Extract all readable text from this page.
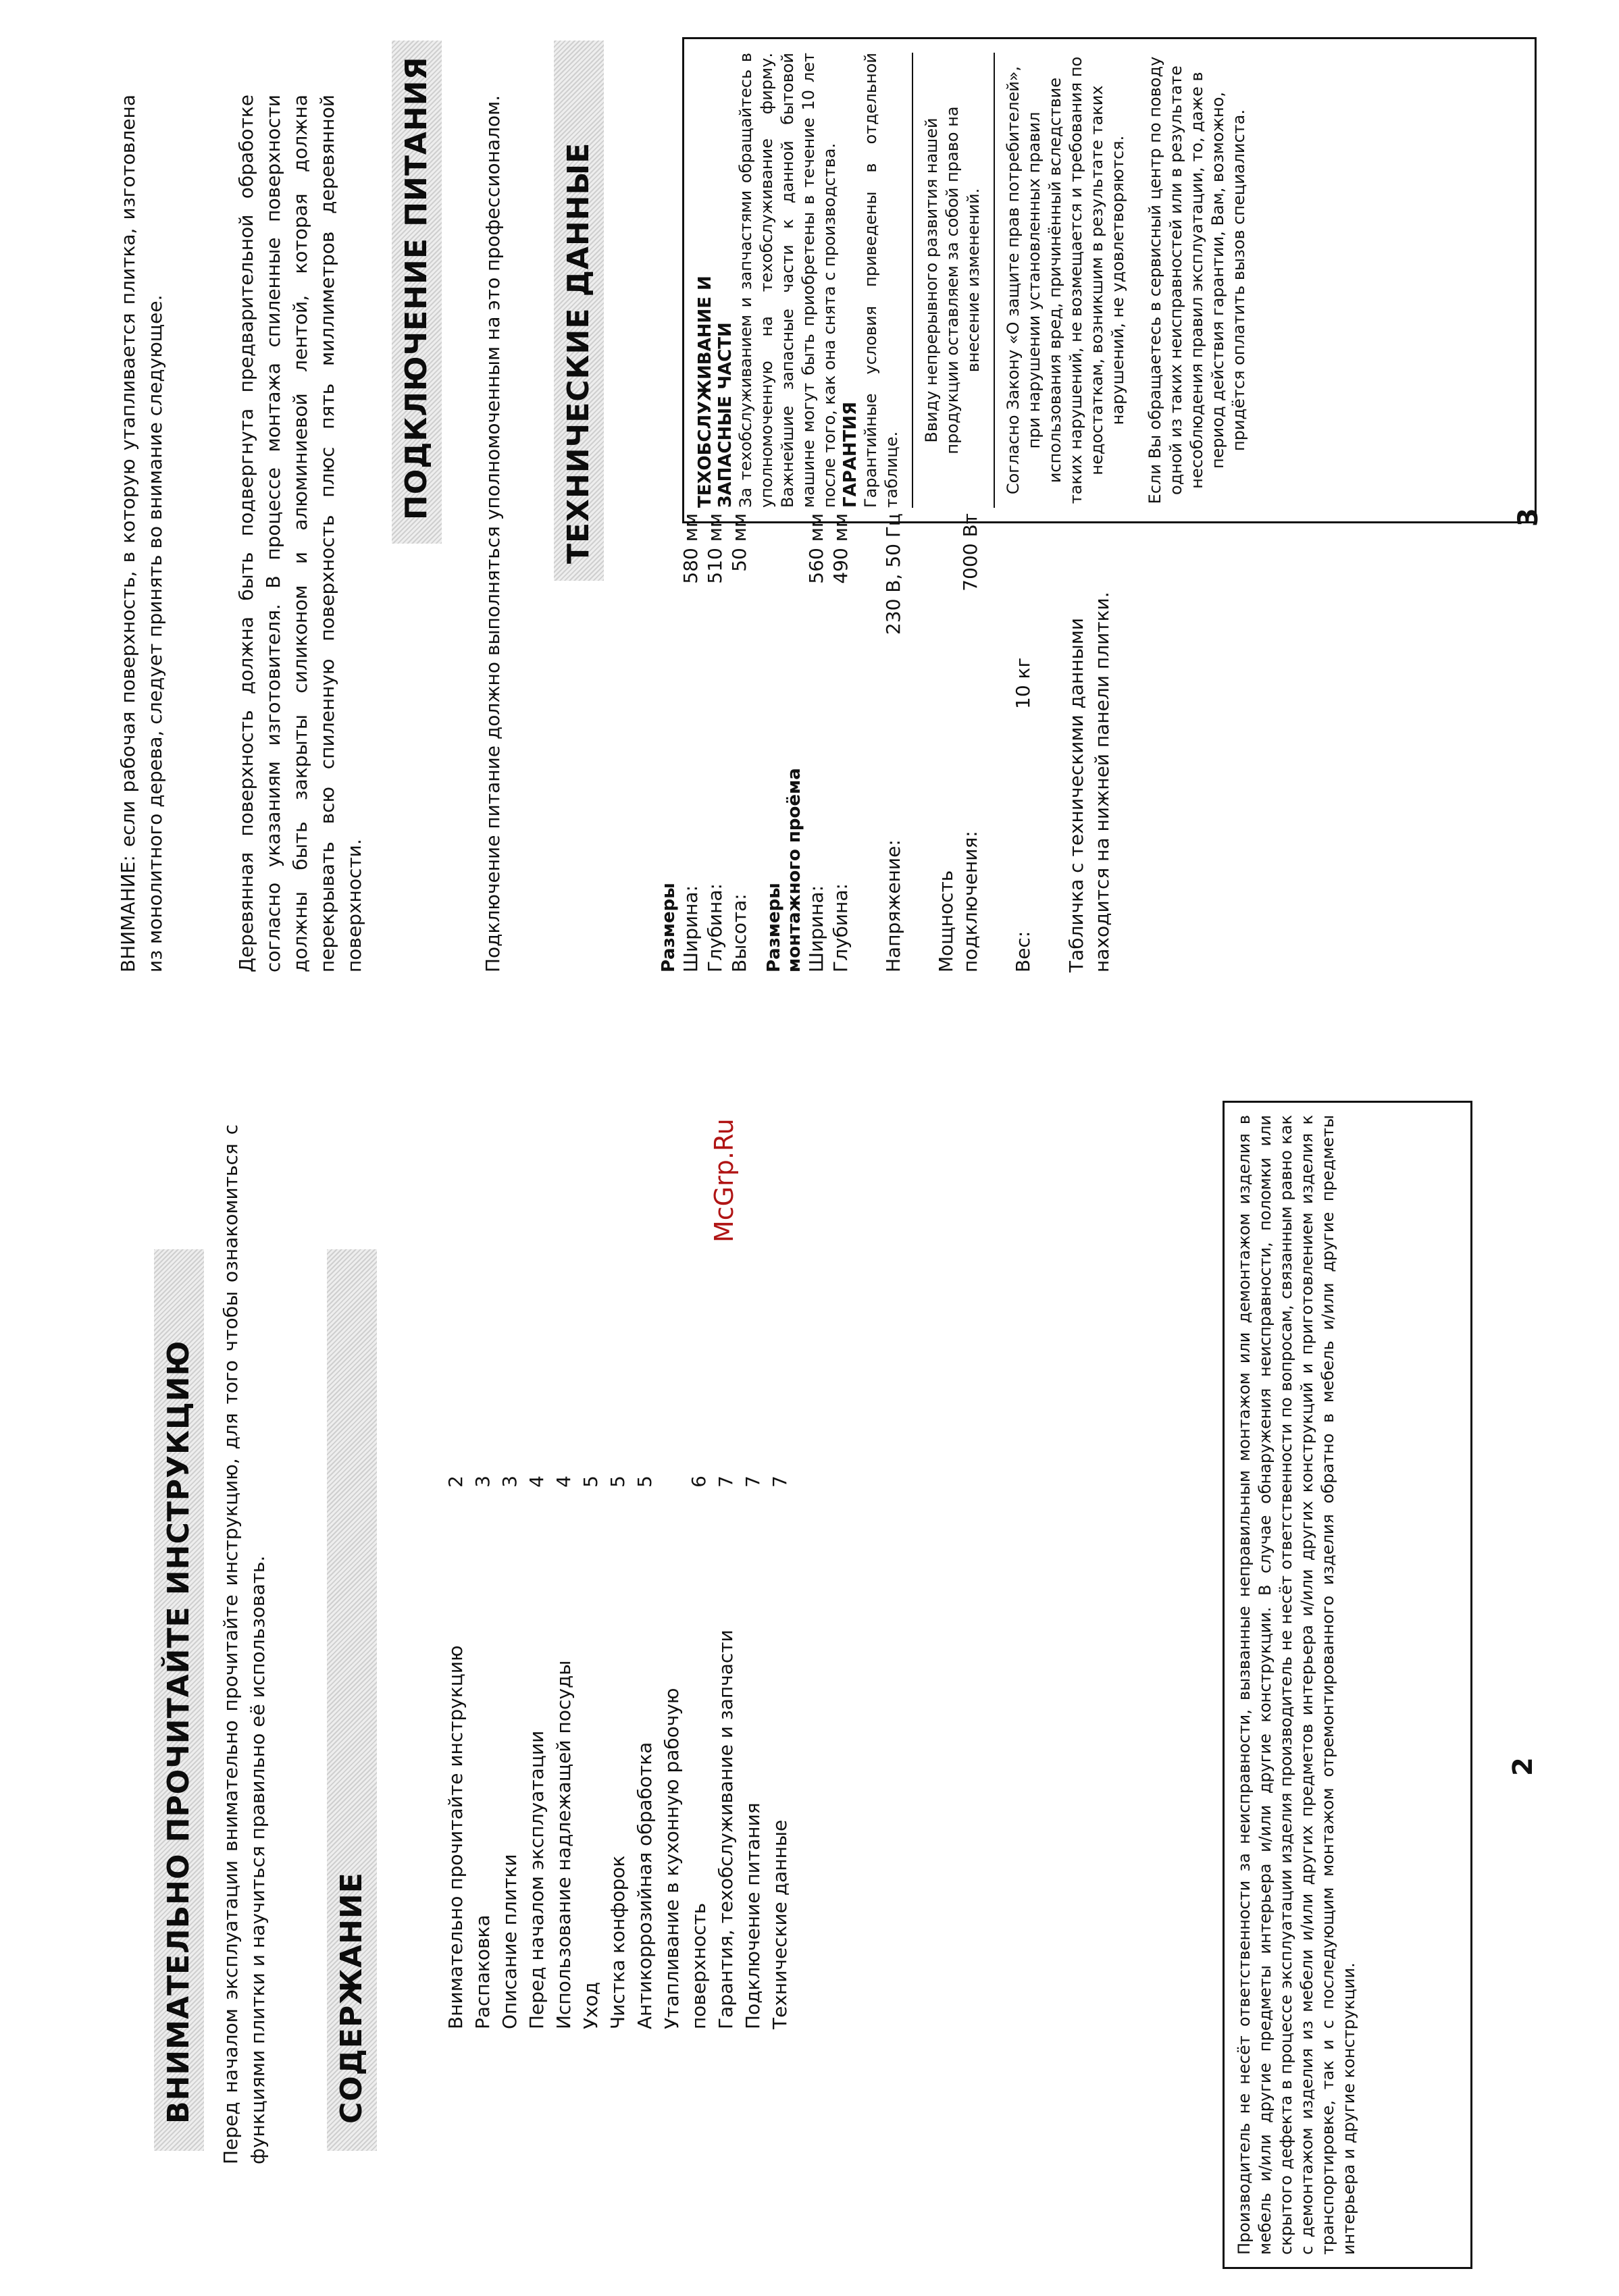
ВНИМАТЕЛЬНО ПРОЧИТАЙТЕ ИНСТРУКЦИЮ	Перед началом эксплуатации внимательно прочитайте инструкцию, для того чтобы ознакомиться с функциями плитки и научиться правильно её использовать. СОДЕРЖАНИЕ	Внимательно прочитайте инструкцию
2
Распаковка
3
Описание плитки
3
Перед началом эксплуатации
4
Использование надлежащей посуды
4
Уход
5
Чистка конфорок
5
Антикоррозийная обработка
5
Утапливание в кухонную рабочую поверхность
6
Гарантия, техобслуживание и запчасти
7
Подключение питания
7
Технические данные
7	Производитель не несёт ответственности за неисправности, вызванные неправильным монтажом или демонтажом изделия в мебель и/или другие предметы интерьера и/или другие конструкции. В случае обнаружения неисправности, поломки или скрытого дефекта в процессе эксплуатации изделия производитель не несёт ответственности по вопросам, связанным равно как с демонтажом изделия из мебели и/или других предметов интерьера и/или других конструкций и приготовлением изделия к транспортировке, так и с последующим монтажом отремонтированного изделия обратно в мебель и/или другие предметы интерьера и другие конструкции.
2
McGrp.Ru
ВНИМАНИЕ: если рабочая поверхность, в которую утапливается плитка, изготовлена из монолитного дерева, следует принять во внимание следующее.	Деревянная поверхность должна быть подвергнута предварительной обработке согласно указаниям изготовителя. В процессе монтажа спиленные поверхности должны быть закрыты силиконом и алюминиевой лентой, которая должна перекрывать всю спиленную поверхность плюс пять миллиметров деревянной поверхности.
ПОДКЛЮЧЕНИЕ ПИТАНИЯ	Подключение питание должно выполняться уполномоченным на это профессионалом. ТЕХНИЧЕСКИЕ ДАННЫЕ
Размеры Ширина:
580 мм
Глубина:
510 мм
Высота:
50 мм
Размеры монтажного проёма Ширина:
560 мм
Глубина:
490 мм
Напряжение:
230 В, 50 Гц
Мощность подключения:
7000 Вт
Вес:
10 кг Табличка с техническими данными находится на нижней панели плитки.
3
ТЕХОБСЛУЖИВАНИЕ И ЗАПАСНЫЕ ЧАСТИ За техобслуживанием и запчастями обращайтесь в уполномоченную на техобслуживание фирму. Важнейшие запасные части к данной бытовой машине могут быть приобретены в течение 10 лет после того, как она снята с производства. ГАРАНТИЯ Гарантийные условия приведены в отдельной таблице.
Ввиду непрерывного развития нашей продукции оставляем за собой право на внесение изменений. Согласно Закону «О защите прав потребителей», при нарушении установленных правил использования вред, причинённый вследствие таких нарушений, не возмещается и требования по недостаткам, возникшим в результате таких нарушений, не удовлетворяются. Если Вы обращаетесь в сервисный центр по поводу одной из таких неисправностей или в результате несоблюдения правил эксплуатации, то, даже в период действия гарантии, Вам, возможно, придётся оплатить вызов специалиста.
